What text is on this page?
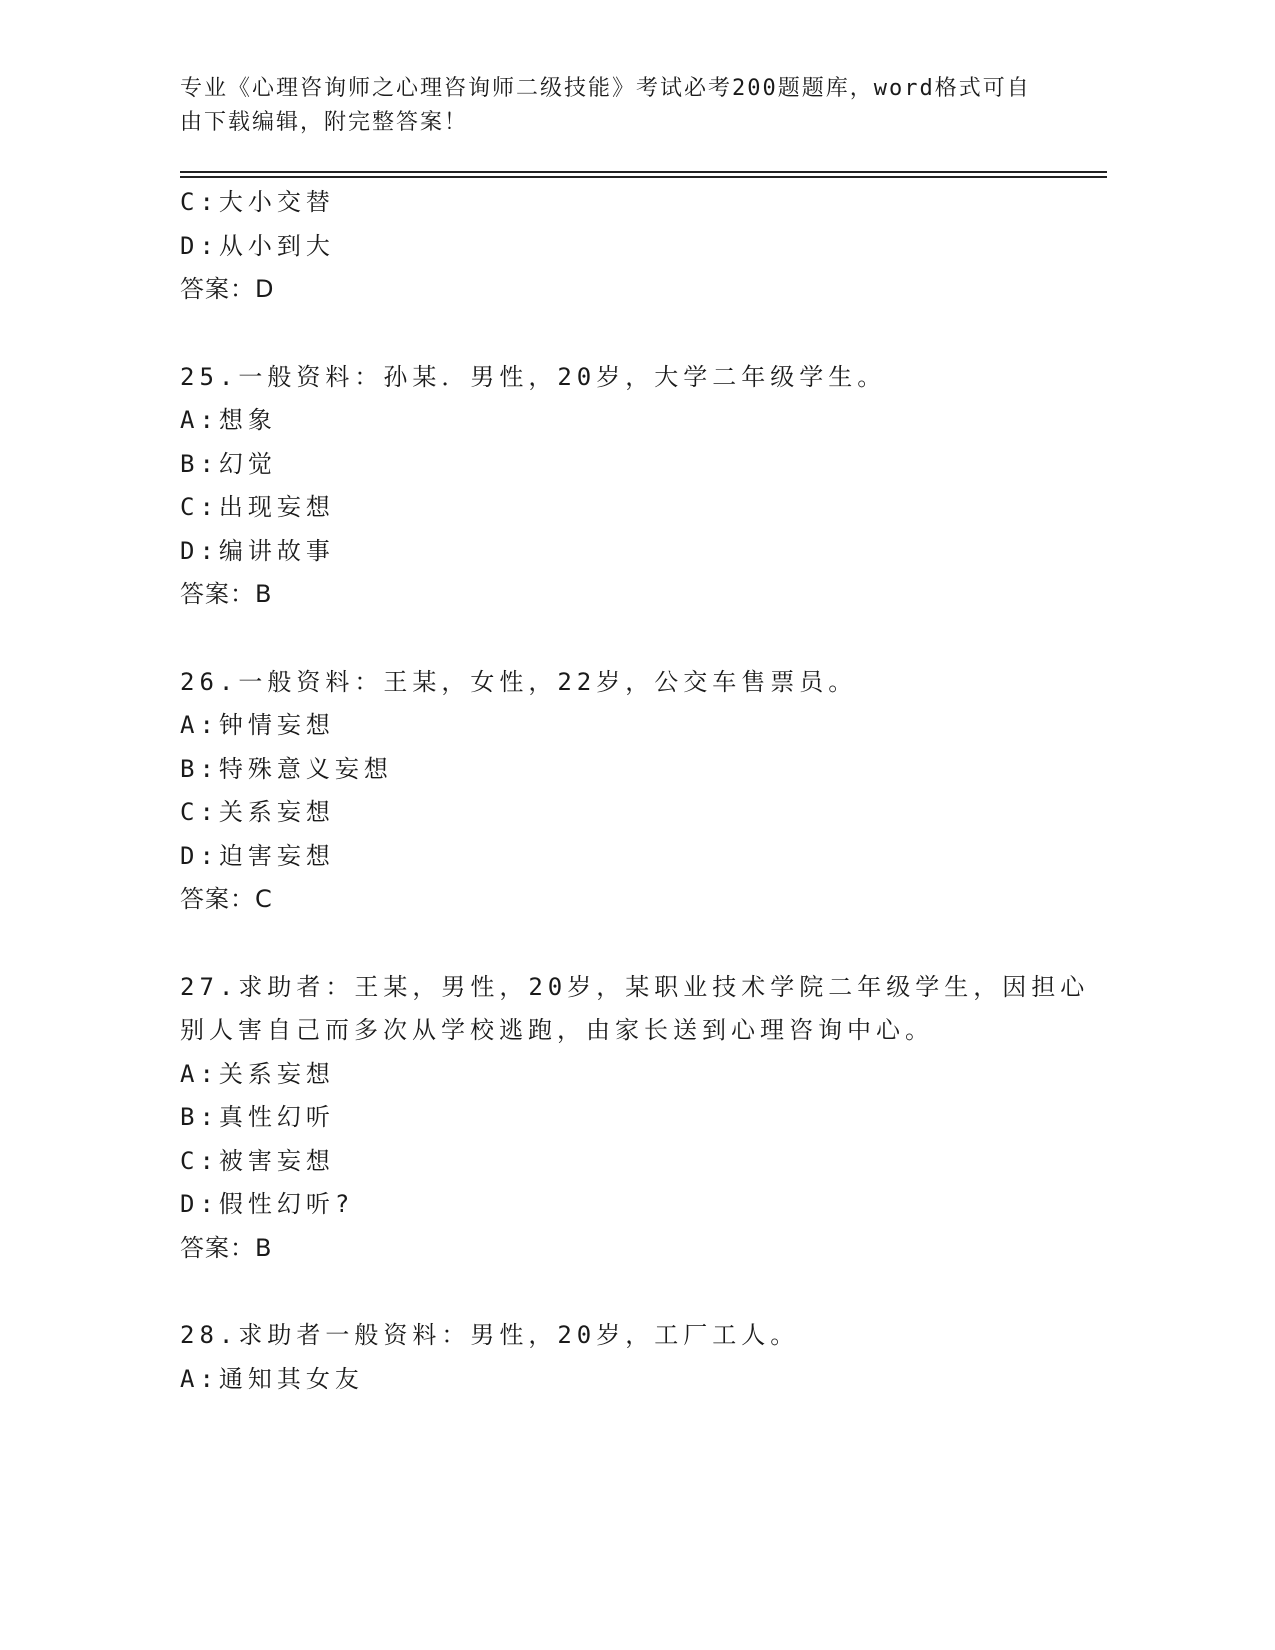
专业《心理咨询师之心理咨询师二级技能》考试必考200题题库，word格式可自
由下载编辑，附完整答案！
C:大小交替
D:从小到大
答案：D
25.一般资料：孙某．男性，20岁，大学二年级学生。
A:想象
B:幻觉
C:出现妄想
D:编讲故事
答案：B
26.一般资料：王某，女性，22岁，公交车售票员。
A:钟情妄想
B:特殊意义妄想
C:关系妄想
D:迫害妄想
答案：C
27.求助者：王某，男性，20岁，某职业技术学院二年级学生，因担心
别人害自己而多次从学校逃跑，由家长送到心理咨询中心。
A:关系妄想
B:真性幻听
C:被害妄想
D:假性幻听?
答案：B
28.求助者一般资料：男性，20岁，工厂工人。
A:通知其女友
